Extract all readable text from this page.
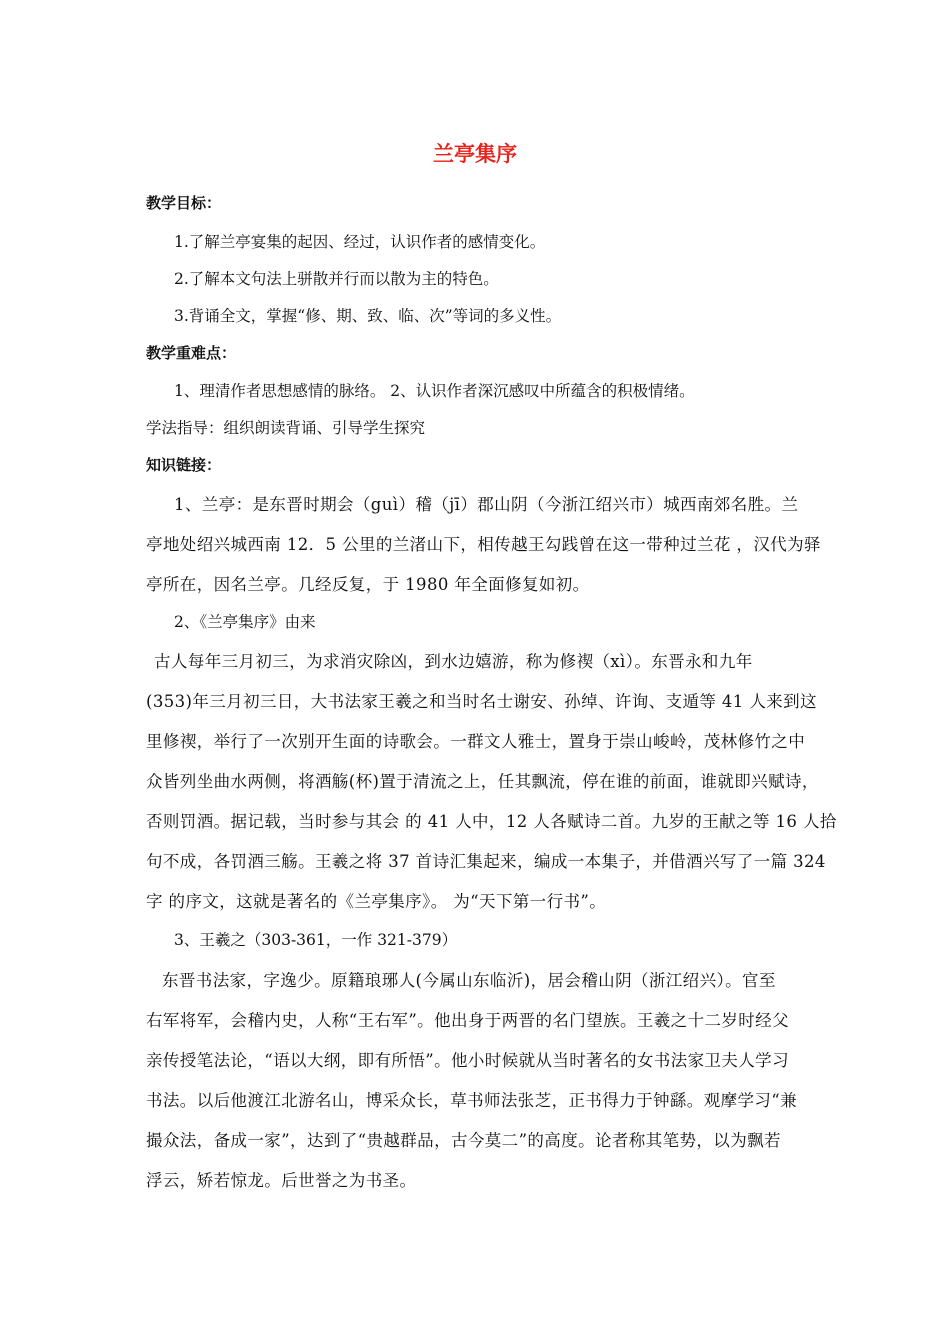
兰亭集序
教学目标：
1.了解兰亭宴集的起因、经过，认识作者的感情变化。
2.了解本文句法上骈散并行而以散为主的特色。
3.背诵全文，掌握“修、期、致、临、次”等词的多义性。
教学重难点：
1、理清作者思想感情的脉络。 2、认识作者深沉感叹中所蕴含的积极情绪。
学法指导：组织朗读背诵、引导学生探究
知识链接：
1、兰亭：是东晋时期会（guì）稽（jī）郡山阴（今浙江绍兴市）城西南郊名胜。兰
亭地处绍兴城西南 12．5 公里的兰渚山下，相传越王勾践曾在这一带种过兰花 ，汉代为驿
亭所在，因名兰亭。几经反复，于 1980 年全面修复如初。
2、《兰亭集序》由来
古人每年三月初三，为求消灾除凶，到水边嬉游，称为修禊（xì）。东晋永和九年
(353)年三月初三日，大书法家王羲之和当时名士谢安、孙绰、许询、支遁等 41 人来到这
里修禊，举行了一次别开生面的诗歌会。一群文人雅士，置身于崇山峻岭，茂林修竹之中
众皆列坐曲水两侧，将酒觞(杯)置于清流之上，任其飘流，停在谁的前面，谁就即兴赋诗，
否则罚酒。据记载，当时参与其会 的 41 人中，12 人各赋诗二首。九岁的王献之等 16 人拾
句不成，各罚酒三觞。王羲之将 37 首诗汇集起来，编成一本集子，并借酒兴写了一篇 324
字 的序文，这就是著名的《兰亭集序》。 为“天下第一行书”。
3、王羲之（303-361，一作 321-379）
东晋书法家，字逸少。原籍琅琊人(今属山东临沂)，居会稽山阴（浙江绍兴）。官至
右军将军，会稽内史，人称“王右军”。他出身于两晋的名门望族。王羲之十二岁时经父
亲传授笔法论，“语以大纲，即有所悟”。他小时候就从当时著名的女书法家卫夫人学习
书法。以后他渡江北游名山，博采众长，草书师法张芝，正书得力于钟繇。观摩学习“兼
撮众法，备成一家”，达到了“贵越群品，古今莫二”的高度。论者称其笔势，以为飘若
浮云，矫若惊龙。后世誉之为书圣。
